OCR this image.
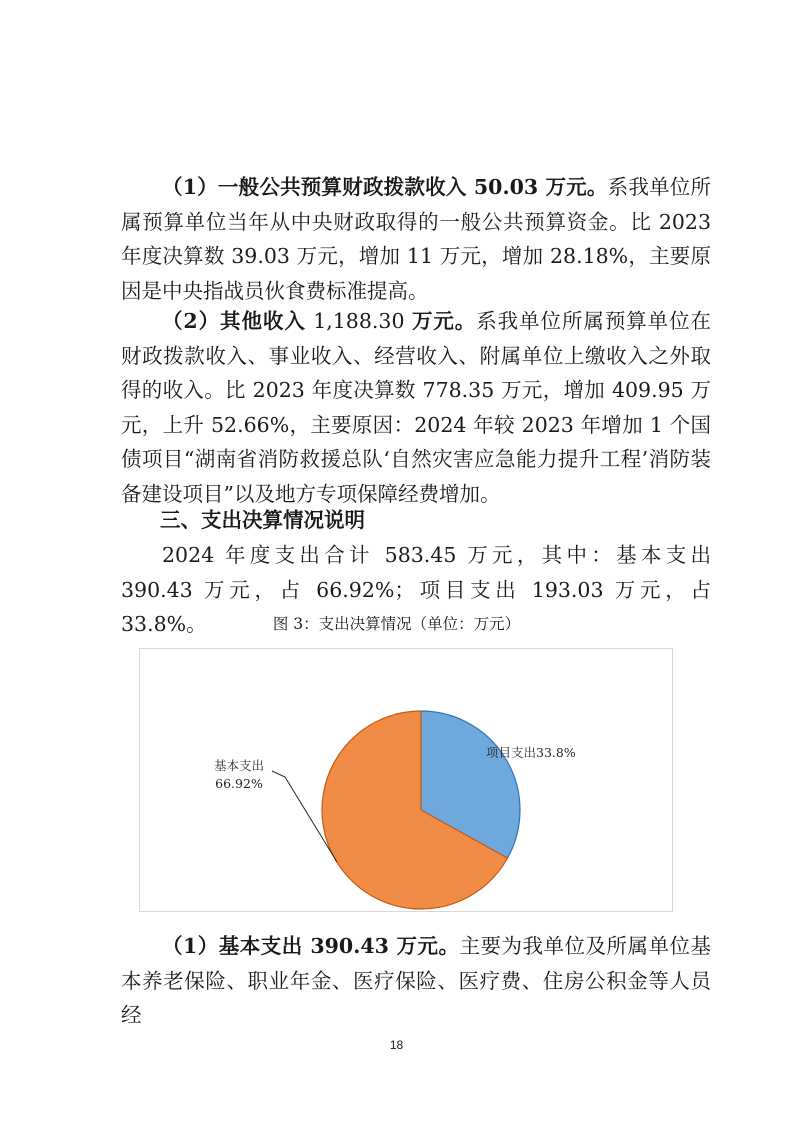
（1）一般公共预算财政拨款收入 50.03 万元。系我单位所属预算单位当年从中央财政取得的一般公共预算资金。比 2023 年度决算数 39.03 万元，增加 11 万元，增加 28.18%，主要原因是中央指战员伙食费标准提高。

（2）其他收入 1,188.30 万元。系我单位所属预算单位在财政拨款收入、事业收入、经营收入、附属单位上缴收入之外取得的收入。比 2023 年度决算数 778.35 万元，增加 409.95 万元，上升 52.66%，主要原因：2024 年较 2023 年增加 1 个国债项目“湖南省消防救援总队‘自然灾害应急能力提升工程’消防装备建设项目”以及地方专项保障经费增加。

三、支出决算情况说明

2024 年度支出合计 583.45 万元，其中：基本支出 390.43 万元，占 66.92%；项目支出 193.03 万元，占 33.8%。	图 3：支出决算情况（单位：万元）

项目支出33.8%
基本支出
66.92%

（1）基本支出 390.43 万元。主要为我单位及所属单位基本养老保险、职业年金、医疗保险、医疗费、住房公积金等人员经

18
